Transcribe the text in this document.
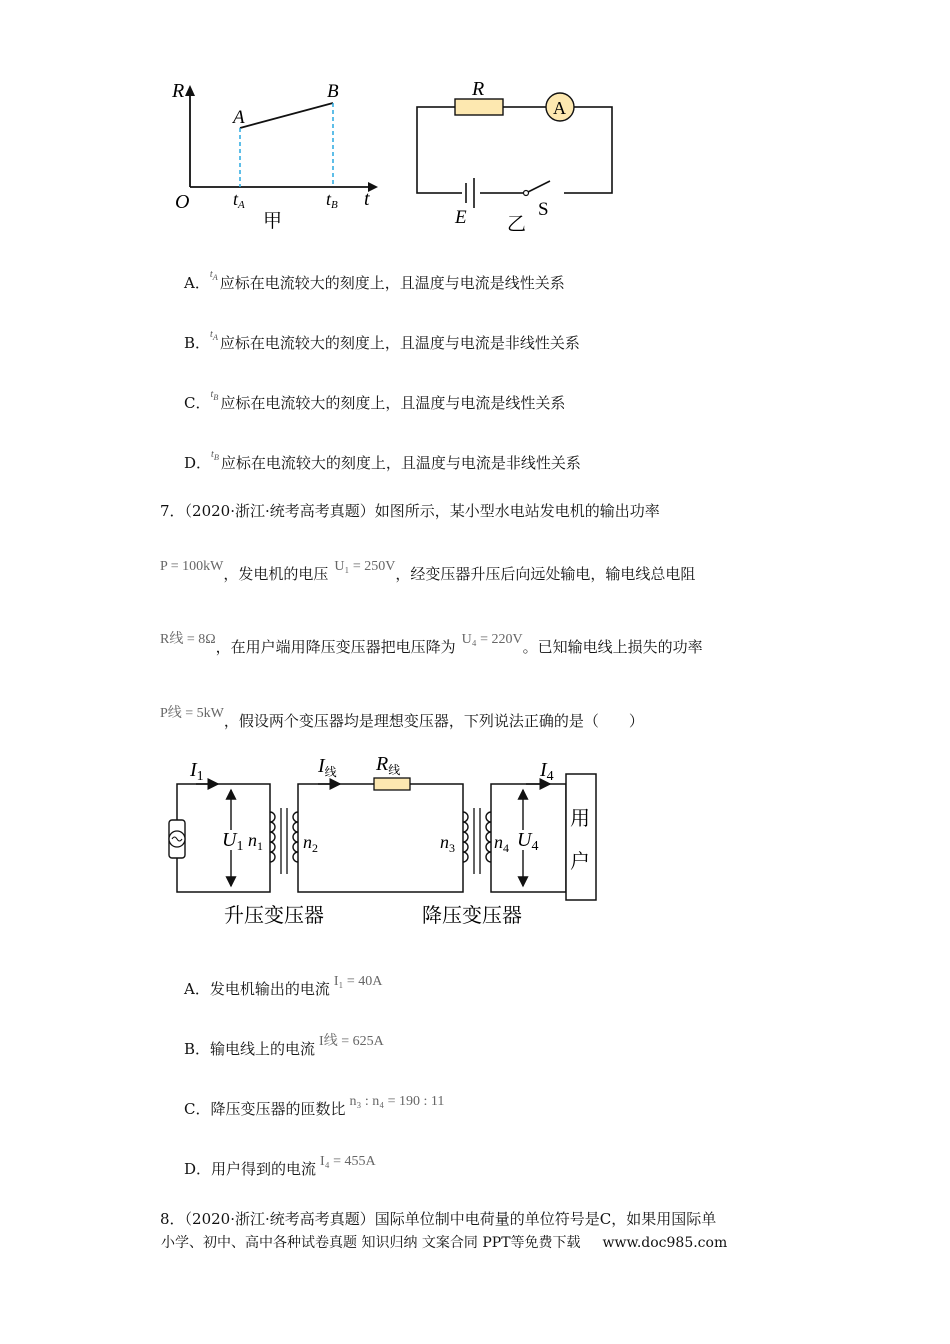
R
t
O
A
B
tA	tB
甲
R
A
E	S
乙
A．$^{t_A}$ 应标在电流较大的刻度上，且温度与电流是线性关系
B．$^{t_A}$ 应标在电流较大的刻度上，且温度与电流是非线性关系
C．$^{t_B}$ 应标在电流较大的刻度上，且温度与电流是线性关系
D．$^{t_B}$ 应标在电流较大的刻度上，且温度与电流是非线性关系
7．（2020·浙江·统考高考真题）如图所示，某小型水电站发电机的输出功率
P = 100kW，发电机的电压 U₁ = 250V，经变压器升压后向远处输电，输电线总电阻
R线 = 8Ω，在用户端用降压变压器把电压降为 U₄ = 220V。已知输电线上损失的功率
P线 = 5kW，假设两个变压器均是理想变压器，下列说法正确的是（　　）
$I_1$
$U_1$ $n_1$
$I_线$ $R_线$
$n_2$	$n_3$
$I_4$
$n_4$ $U_4$
用
户
升压变压器	降压变压器
A．发电机输出的电流 I₁ = 40A
B．输电线上的电流 I线 = 625A
C．降压变压器的匝数比 n₃ : n₄ = 190 : 11
D．用户得到的电流 I₄ = 455A
8．（2020·浙江·统考高考真题）国际单位制中电荷量的单位符号是C，如果用国际单
小学、初中、高中各种试卷真题 知识归纳 文案合同 PPT等免费下载 www.doc985.com
